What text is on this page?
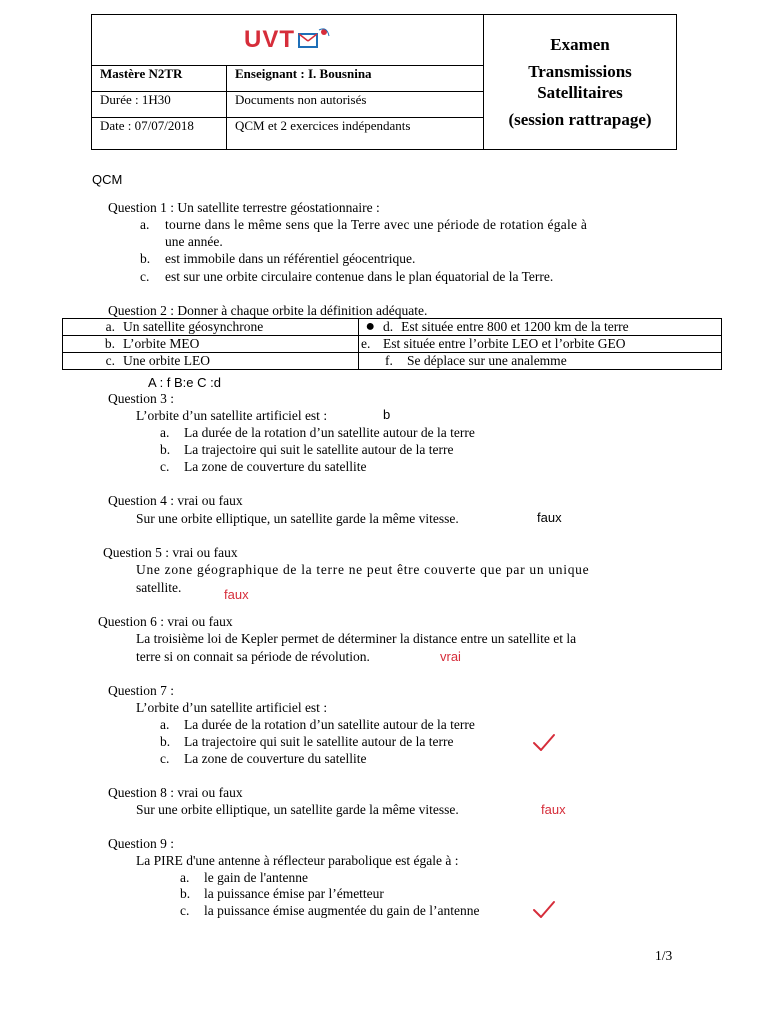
UVT		Examen
Transmissions
Satellitaires
(session rattrapage)

Mastère N2TR	Enseignant : I. Bousnina	
Durée : 1H30	Documents non autorisés	
Date : 07/07/2018	QCM et 2 exercices indépendants	
QCM
Question 1 : Un satellite terrestre géostationnaire :
a. tourne dans le même sens que la Terre avec une période de rotation égale à
une année.
b. est immobile dans un référentiel géocentrique.
c. est sur une orbite circulaire contenue dans le plan équatorial de la Terre.
Question 2 : Donner à chaque orbite la définition adéquate.
a. Un satellite géosynchrone	● d. Est située entre 800 et 1200 km de la terre
b. L’orbite MEO	e. Est située entre l’orbite LEO et l’orbite GEO
c. Une orbite LEO	f. Se déplace sur une analemme
A : f B:e C :d
Question 3 :
L’orbite d’un satellite artificiel est :	b
a. La durée de la rotation d’un satellite autour de la terre
b. La trajectoire qui suit le satellite autour de la terre
c. La zone de couverture du satellite
Question 4 : vrai ou faux
Sur une orbite elliptique, un satellite garde la même vitesse.	faux
Question 5 : vrai ou faux
Une zone géographique de la terre ne peut être couverte que par un unique
satellite.	faux
Question 6 : vrai ou faux
La troisième loi de Kepler permet de déterminer la distance entre un satellite et la
terre si on connait sa période de révolution.	vrai
Question 7 :
L’orbite d’un satellite artificiel est :
a. La durée de la rotation d’un satellite autour de la terre
b. La trajectoire qui suit le satellite autour de la terre
c. La zone de couverture du satellite
Question 8 : vrai ou faux
Sur une orbite elliptique, un satellite garde la même vitesse.	faux
Question 9 :
La PIRE d'une antenne à réflecteur parabolique est égale à :
a. le gain de l'antenne
b. la puissance émise par l’émetteur
c. la puissance émise augmentée du gain de l’antenne
1/3
